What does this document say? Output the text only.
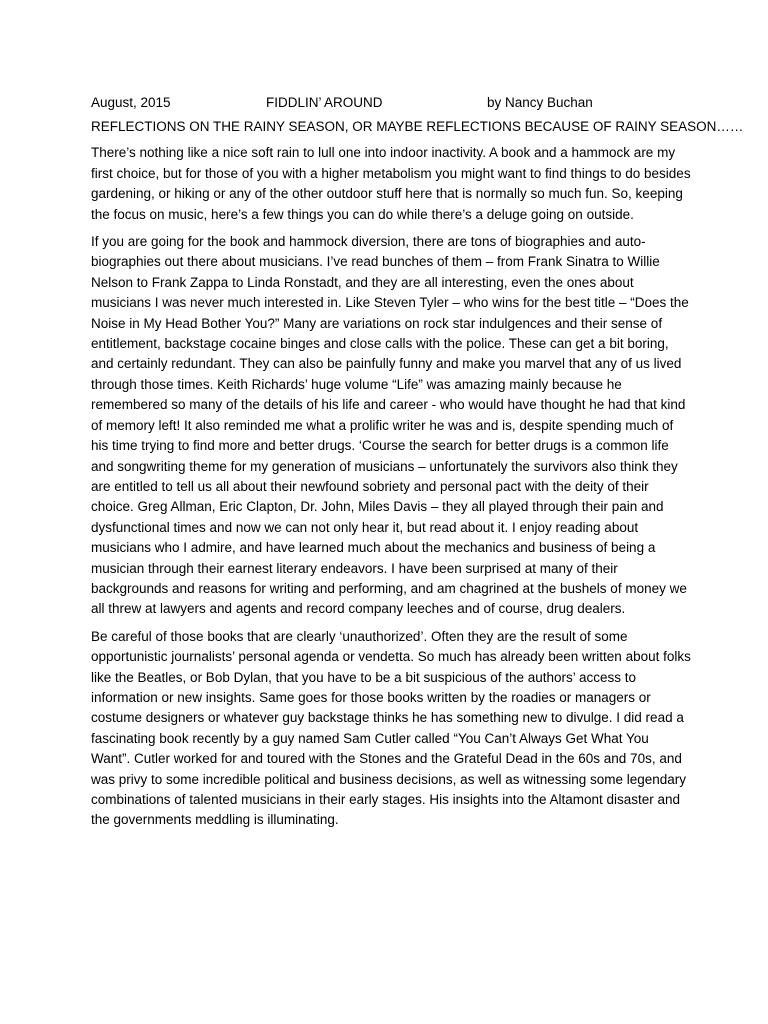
August, 2015	FIDDLIN’ AROUND	by Nancy Buchan
REFLECTIONS ON THE RAINY SEASON, OR MAYBE REFLECTIONS BECAUSE OF RAINY SEASON……

There’s nothing like a nice soft rain to lull one into indoor inactivity. A book and a hammock are my first choice, but for those of you with a higher metabolism you might want to find things to do besides gardening, or hiking or any of the other outdoor stuff here that is normally so much fun. So, keeping the focus on music, here’s a few things you can do while there’s a deluge going on outside.

If you are going for the book and hammock diversion, there are tons of biographies and auto-biographies out there about musicians. I’ve read bunches of them – from Frank Sinatra to Willie Nelson to Frank Zappa to Linda Ronstadt, and they are all interesting, even the ones about musicians I was never much interested in. Like Steven Tyler – who wins for the best title – “Does the Noise in My Head Bother You?” Many are variations on rock star indulgences and their sense of entitlement, backstage cocaine binges and close calls with the police. These can get a bit boring, and certainly redundant. They can also be painfully funny and make you marvel that any of us lived through those times. Keith Richards’ huge volume “Life” was amazing mainly because he remembered so many of the details of his life and career - who would have thought he had that kind of memory left! It also reminded me what a prolific writer he was and is, despite spending much of his time trying to find more and better drugs. ‘Course the search for better drugs is a common life and songwriting theme for my generation of musicians – unfortunately the survivors also think they are entitled to tell us all about their newfound sobriety and personal pact with the deity of their choice. Greg Allman, Eric Clapton, Dr. John, Miles Davis – they all played through their pain and dysfunctional times and now we can not only hear it, but read about it. I enjoy reading about musicians who I admire, and have learned much about the mechanics and business of being a musician through their earnest literary endeavors. I have been surprised at many of their backgrounds and reasons for writing and performing, and am chagrined at the bushels of money we all threw at lawyers and agents and record company leeches and of course, drug dealers.

Be careful of those books that are clearly ‘unauthorized’. Often they are the result of some opportunistic journalists’ personal agenda or vendetta. So much has already been written about folks like the Beatles, or Bob Dylan, that you have to be a bit suspicious of the authors’ access to information or new insights. Same goes for those books written by the roadies or managers or costume designers or whatever guy backstage thinks he has something new to divulge. I did read a fascinating book recently by a guy named Sam Cutler called “You Can’t Always Get What You Want”. Cutler worked for and toured with the Stones and the Grateful Dead in the 60s and 70s, and was privy to some incredible political and business decisions, as well as witnessing some legendary combinations of talented musicians in their early stages. His insights into the Altamont disaster and the governments meddling is illuminating.
